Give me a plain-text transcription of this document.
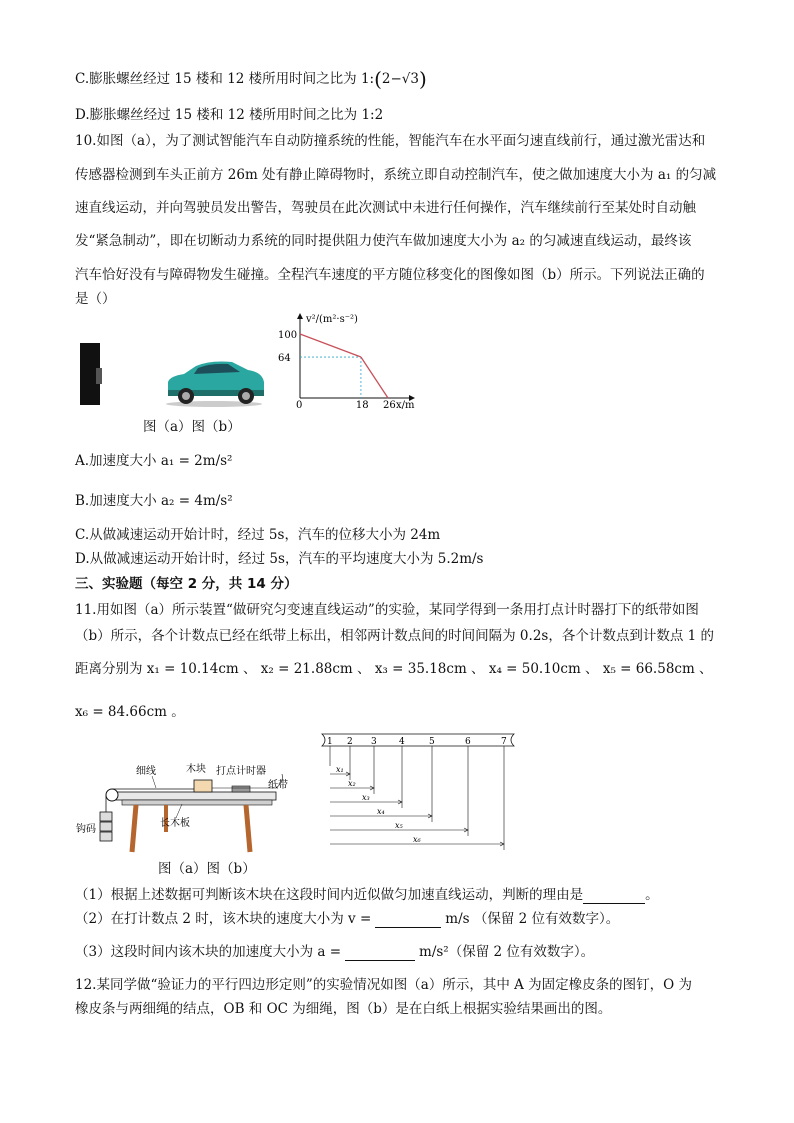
C.膨胀螺丝经过 15 楼和 12 楼所用时间之比为 1:(2−√3)
D.膨胀螺丝经过 15 楼和 12 楼所用时间之比为 1:2
10.如图（a），为了测试智能汽车自动防撞系统的性能，智能汽车在水平面匀速直线前行，通过激光雷达和
传感器检测到车头正前方 26m 处有静止障碍物时，系统立即自动控制汽车，使之做加速度大小为 a₁ 的匀减
速直线运动，并向驾驶员发出警告，驾驶员在此次测试中未进行任何操作，汽车继续前行至某处时自动触
发“紧急制动”，即在切断动力系统的同时提供阻力使汽车做加速度大小为 a₂ 的匀减速直线运动，最终该
汽车恰好没有与障碍物发生碰撞。全程汽车速度的平方随位移变化的图像如图（b）所示。下列说法正确的
是（）
v²/(m²·s⁻²)
x/m
0
100
64
18 26
图（a）图（b）
A.加速度大小 a₁ = 2m/s²
B.加速度大小 a₂ = 4m/s²
C.从做减速运动开始计时，经过 5s，汽车的位移大小为 24m
D.从做减速运动开始计时，经过 5s，汽车的平均速度大小为 5.2m/s
三、实验题（每空 2 分，共 14 分）
11.用如图（a）所示装置“做研究匀变速直线运动”的实验，某同学得到一条用打点计时器打下的纸带如图
（b）所示，各个计数点已经在纸带上标出，相邻两计数点间的时间间隔为 0.2s，各个计数点到计数点 1 的
距离分别为 x₁ = 10.14cm 、 x₂ = 21.88cm 、 x₃ = 35.18cm 、 x₄ = 50.10cm 、 x₅ = 66.58cm 、
x₆ = 84.66cm 。
细线	木块 打点计时器
纸带
钩码
长木板
1 2 3 4	5	6	7
x₁
x₂
x₃
x₄
x₅
x₆
图（a）图（b）
（1）根据上述数据可判断该木块在这段时间内近似做匀加速直线运动，判断的理由是	。
（2）在打计数点 2 时，该木块的速度大小为 v =	m/s （保留 2 位有效数字）。
（3）这段时间内该木块的加速度大小为 a =	m/s²（保留 2 位有效数字）。
12.某同学做“验证力的平行四边形定则”的实验情况如图（a）所示，其中 A 为固定橡皮条的图钉，O 为
橡皮条与两细绳的结点，OB 和 OC 为细绳，图（b）是在白纸上根据实验结果画出的图。
